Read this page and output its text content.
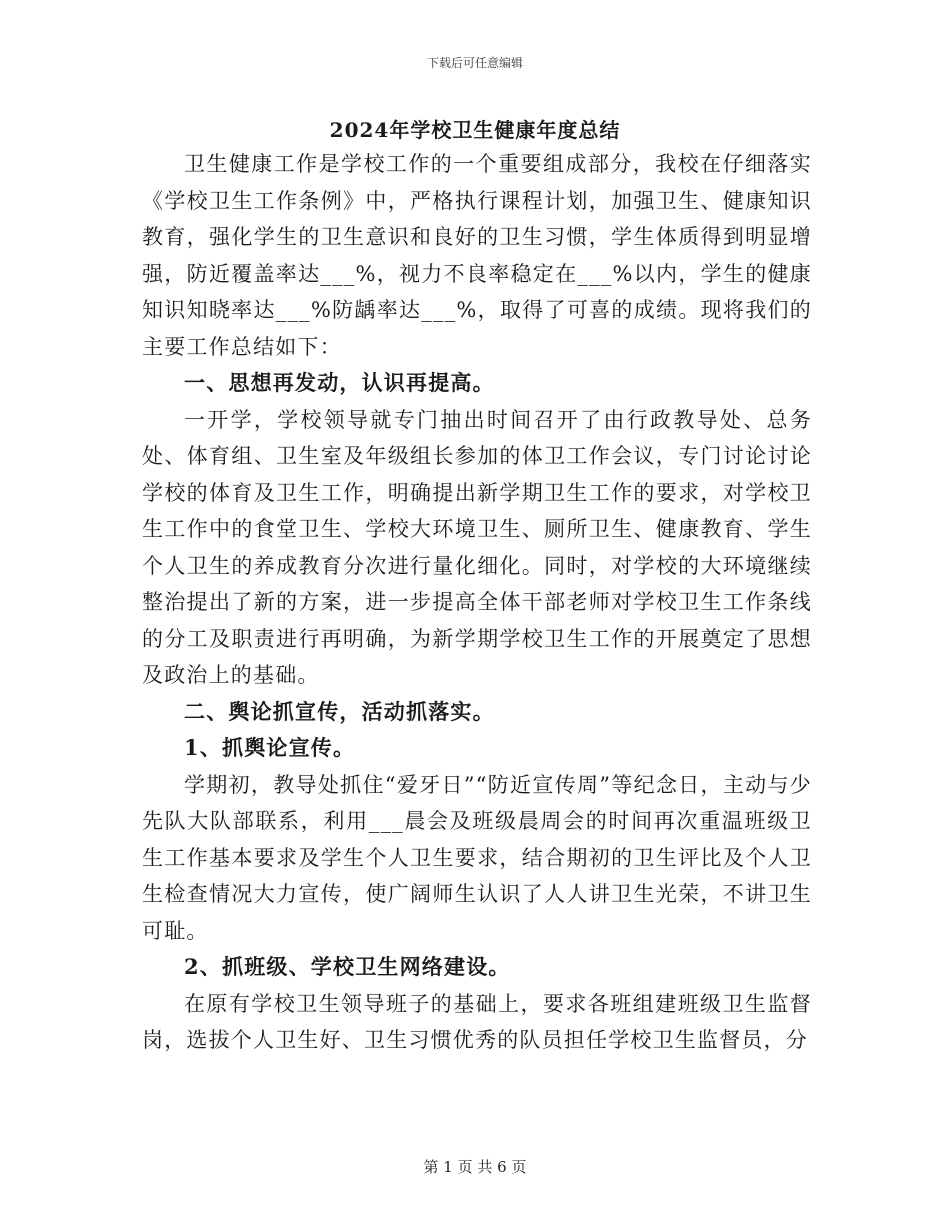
下载后可任意编辑
2024年学校卫生健康年度总结

卫生健康工作是学校工作的一个重要组成部分，我校在仔细落实《学校卫生工作条例》中，严格执行课程计划，加强卫生、健康知识教育，强化学生的卫生意识和良好的卫生习惯，学生体质得到明显增强，防近覆盖率达___%，视力不良率稳定在___%以内，学生的健康知识知晓率达___%防龋率达___%，取得了可喜的成绩。现将我们的主要工作总结如下：

一、思想再发动，认识再提高。

一开学，学校领导就专门抽出时间召开了由行政教导处、总务处、体育组、卫生室及年级组长参加的体卫工作会议，专门讨论讨论学校的体育及卫生工作，明确提出新学期卫生工作的要求，对学校卫生工作中的食堂卫生、学校大环境卫生、厕所卫生、健康教育、学生个人卫生的养成教育分次进行量化细化。同时，对学校的大环境继续整治提出了新的方案，进一步提高全体干部老师对学校卫生工作条线的分工及职责进行再明确，为新学期学校卫生工作的开展奠定了思想及政治上的基础。

二、舆论抓宣传，活动抓落实。

1、抓舆论宣传。

学期初，教导处抓住“爱牙日”“防近宣传周”等纪念日，主动与少先队大队部联系，利用___晨会及班级晨周会的时间再次重温班级卫生工作基本要求及学生个人卫生要求，结合期初的卫生评比及个人卫生检查情况大力宣传，使广阔师生认识了人人讲卫生光荣，不讲卫生可耻。

2、抓班级、学校卫生网络建设。

在原有学校卫生领导班子的基础上，要求各班组建班级卫生监督岗，选拔个人卫生好、卫生习惯优秀的队员担任学校卫生监督员，分

第 1 页 共 6 页
